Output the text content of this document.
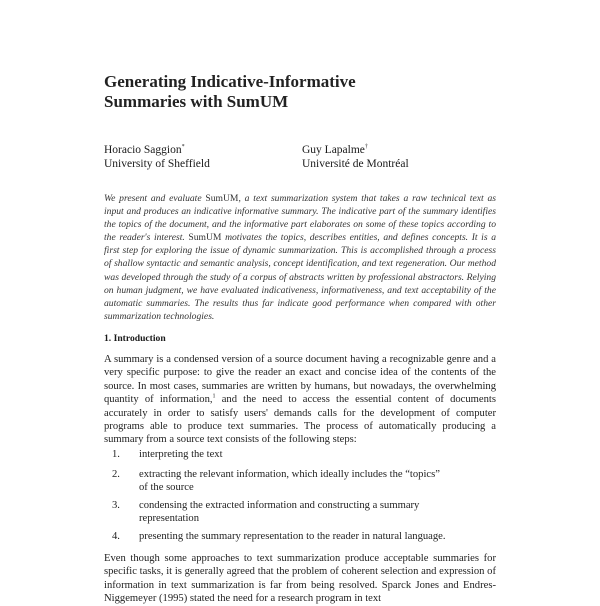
Generating Indicative-Informative
Summaries with SumUM
Horacio Saggion*
University of Sheffield
Guy Lapalme†
Université de Montréal
We present and evaluate SumUM, a text summarization system that takes a raw technical text as input and produces an indicative informative summary. The indicative part of the summary identifies the topics of the document, and the informative part elaborates on some of these topics according to the reader's interest. SumUM motivates the topics, describes entities, and defines concepts. It is a first step for exploring the issue of dynamic summarization. This is accomplished through a process of shallow syntactic and semantic analysis, concept identification, and text regeneration. Our method was developed through the study of a corpus of abstracts written by professional abstractors. Relying on human judgment, we have evaluated indicativeness, informativeness, and text acceptability of the automatic summaries. The results thus far indicate good performance when compared with other summarization technologies.
1. Introduction
A summary is a condensed version of a source document having a recognizable genre and a very specific purpose: to give the reader an exact and concise idea of the contents of the source. In most cases, summaries are written by humans, but nowadays, the overwhelming quantity of information,$^1$ and the need to access the essential content of documents accurately in order to satisfy users' demands calls for the development of computer programs able to produce text summaries. The process of automatically producing a summary from a source text consists of the following steps:
1. interpreting the text
2. extracting the relevant information, which ideally includes the “topics”
of the source
3. condensing the extracted information and constructing a summary
representation
4. presenting the summary representation to the reader in natural language.
Even though some approaches to text summarization produce acceptable summaries for specific tasks, it is generally agreed that the problem of coherent selection and expression of information in text summarization is far from being resolved. Sparck Jones and Endres-Niggemeyer (1995) stated the need for a research program in text
